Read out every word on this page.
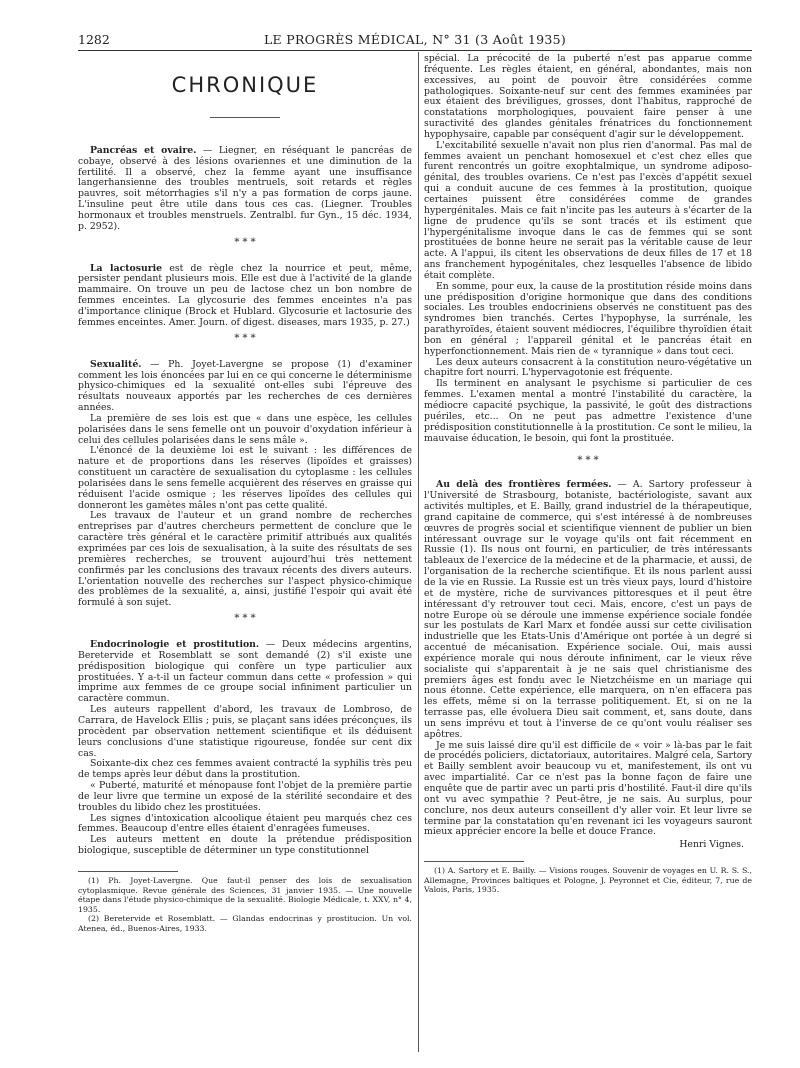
1282	LE PROGRÈS MÉDICAL, N° 31 (3 Août 1935)
CHRONIQUE

Pancréas et ovaire. — Liegner, en réséquant le pancréas de cobaye, observé à des lésions ovariennes et une diminution de la fertilité. Il a observé, chez la femme ayant une insuffisance langerhansienne des troubles mentruels, soit retards et règles pauvres, soit métorrhagies s'il n'y a pas formation de corps jaune. L'insuline peut être utile dans tous ces cas. (Liegner. Troubles hormonaux et troubles menstruels. Zentralbl. fur Gyn., 15 déc. 1934, p. 2952).

* * *

La lactosurie est de règle chez la nourrice et peut, même, persister pendant plusieurs mois. Elle est due à l'activité de la glande mammaire. On trouve un peu de lactose chez un bon nombre de femmes enceintes. La glycosurie des femmes enceintes n'a pas d'importance clinique (Brock et Hublard. Glycosurie et lactosurie des femmes enceintes. Amer. Journ. of digest. diseases, mars 1935, p. 27.)

* * *

Sexualité. — Ph. Joyet-Lavergne se propose (1) d'examiner comment les lois énoncées par lui en ce qui concerne le déterminisme physico-chimiques ed la sexualité ont-elles subi l'épreuve des résultats nouveaux apportés par les recherches de ces dernières années.

La première de ses lois est que « dans une espèce, les cellules polarisées dans le sens femelle ont un pouvoir d'oxydation inférieur à celui des cellules polarisées dans le sens mâle ».

L'énoncé de la deuxième loi est le suivant : les différences de nature et de proportions dans les réserves (lipoïdes et graisses) constituent un caractère de sexualisation du cytoplasme : les cellules polarisées dans le sens femelle acquièrent des réserves en graisse qui réduisent l'acide osmique ; les réserves lipoïdes des cellules qui donneront les gamètes mâles n'ont pas cette qualité.

Les travaux de l'auteur et un grand nombre de recherches entreprises par d'autres chercheurs permettent de conclure que le caractère très général et le caractère primitif attribués aux qualités exprimées par ces lois de sexualisation, à la suite des résultats de ses premières recherches, se trouvent aujourd'hui très nettement confirmés par les conclusions des travaux récents des divers auteurs. L'orientation nouvelle des recherches sur l'aspect physico-chimique des problèmes de la sexualité, a, ainsi, justifié l'espoir qui avait été formulé à son sujet.

* * *

Endocrinologie et prostitution. — Deux médecins argentins, Beretervide et Rosemblatt se sont demandé (2) s'il existe une prédisposition biologique qui confère un type particulier aux prostituées. Y a-t-il un facteur commun dans cette « profession » qui imprime aux femmes de ce groupe social infiniment particulier un caractère commun.

Les auteurs rappellent d'abord, les travaux de Lombroso, de Carrara, de Havelock Ellis ; puis, se plaçant sans idées préconçues, ils procèdent par observation nettement scientifique et ils déduisent leurs conclusions d'une statistique rigoureuse, fondée sur cent dix cas.

Soixante-dix chez ces femmes avaient contracté la syphilis très peu de temps après leur début dans la prostitution.

« Puberté, maturité et ménopause font l'objet de la première partie de leur livre que termine un exposé de la stérilité secondaire et des troubles du libido chez les prostituées.

Les signes d'intoxication alcoolique étaient peu marqués chez ces femmes. Beaucoup d'entre elles étaient d'enragées fumeuses.

Les auteurs mettent en doute la prétendue prédisposition biologique, susceptible de déterminer un type constitutionnel

(1) Ph. Joyet-Lavergne. Que faut-il penser des lois de sexualisation cytoplasmique. Revue générale des Sciences, 31 janvier 1935. — Une nouvelle étape dans l'étude physico-chimique de la sexualité. Biologie Médicale, t. XXV, n° 4, 1935.

(2) Beretervide et Rosemblatt. — Glandas endocrinas y prostitucion. Un vol. Atenea, éd., Buenos-Aires, 1933.

spécial. La précocité de la puberté n'est pas apparue comme fréquente. Les règles étaient, en général, abondantes, mais non excessives, au point de pouvoir être considérées comme pathologiques. Soixante-neuf sur cent des femmes examinées par eux étaient des bréviligues, grosses, dont l'habitus, rapproché de constatations morphologiques, pouvaient faire penser à une suractivité des glandes génitales frénatrices du fonctionnement hypophysaire, capable par conséquent d'agir sur le développement.

L'excitabilité sexuelle n'avait non plus rien d'anormal. Pas mal de femmes avaient un penchant homosexuel et c'est chez elles que furent rencontrés un goitre exophtalmique, un syndrome adiposo-génital, des troubles ovariens. Ce n'est pas l'excès d'appétit sexuel qui a conduit aucune de ces femmes à la prostitution, quoique certaines puissent être considérées comme de grandes hypergénitales. Mais ce fait n'incite pas les auteurs à s'écarter de la ligne de prudence qu'ils se sont tracés et ils estiment que l'hypergénitalisme invoque dans le cas de femmes qui se sont prostituées de bonne heure ne serait pas la véritable cause de leur acte. A l'appui, ils citent les observations de deux filles de 17 et 18 ans franchement hypogénitales, chez lesquelles l'absence de libido était complète.

En somme, pour eux, la cause de la prostitution réside moins dans une prédisposition d'origine hormonique que dans des conditions sociales. Les troubles endocriniens observés ne constituent pas des syndromes bien tranchés. Certes l'hypophyse, la surrénale, les parathyroïdes, étaient souvent médiocres, l'équilibre thyroïdien était bon en général ; l'appareil génital et le pancréas était en hyperfonctionnement. Mais rien de « tyrannique » dans tout ceci.

Les deux auteurs consacrent à la constitution neuro-végétative un chapitre fort nourri. L'hypervagotonie est fréquente.

Ils terminent en analysant le psychisme si particulier de ces femmes. L'examen mental a montré l'instabilité du caractère, la médiocre capacité psychique, la passivité, le goût des distractions puériles, etc... On ne peut pas admettre l'existence d'une prédisposition constitutionnelle à la prostitution. Ce sont le milieu, la mauvaise éducation, le besoin, qui font la prostituée.

* * *

Au delà des frontières fermées. — A. Sartory professeur à l'Université de Strasbourg, botaniste, bactériologiste, savant aux activités multiples, et E. Bailly, grand industriel de la thérapeutique, grand capitaine de commerce, qui s'est intéressé à de nombreuses œuvres de progrès social et scientifique viennent de publier un bien intéressant ouvrage sur le voyage qu'ils ont fait récemment en Russie (1). Ils nous ont fourni, en particulier, de très intéressants tableaux de l'exercice de la médecine et de la pharmacie, et aussi, de l'organisation de la recherche scientifique. Et ils nous parlent aussi de la vie en Russie. La Russie est un très vieux pays, lourd d'histoire et de mystère, riche de survivances pittoresques et il peut être intéressant d'y retrouver tout ceci. Mais, encore, c'est un pays de notre Europe où se déroule une immense expérience sociale fondée sur les postulats de Karl Marx et fondée aussi sur cette civilisation industrielle que les Etats-Unis d'Amérique ont portée à un degré si accentué de mécanisation. Expérience sociale. Oui, mais aussi expérience morale qui nous déroute infiniment, car le vieux rêve socialiste qui s'apparentait à je ne sais quel christianisme des premiers âges est fondu avec le Nietzchéisme en un mariage qui nous étonne. Cette expérience, elle marquera, on n'en effacera pas les effets, même si on la terrasse politiquement. Et, si on ne la terrasse pas, elle évoluera Dieu sait comment, et, sans doute, dans un sens imprévu et tout à l'inverse de ce qu'ont voulu réaliser ses apôtres.

Je me suis laissé dire qu'il est difficile de « voir » là-bas par le fait de procédés policiers, dictatoriaux, autoritaires. Malgré cela, Sartory et Bailly semblent avoir beaucoup vu et, manifestement, ils ont vu avec impartialité. Car ce n'est pas la bonne façon de faire une enquête que de partir avec un parti pris d'hostilité. Faut-il dire qu'ils ont vu avec sympathie ? Peut-être, je ne sais. Au surplus, pour conclure, nos deux auteurs conseillent d'y aller voir. Et leur livre se termine par la constatation qu'en revenant ici les voyageurs sauront mieux apprécier encore la belle et douce France.

Henri Vignes.

(1) A. Sartory et E. Bailly. — Visions rouges. Souvenir de voyages en U. R. S. S., Allemagne, Provinces baltiques et Pologne, J. Peyronnet et Cie, éditeur, 7, rue de Valois, Paris, 1935.
